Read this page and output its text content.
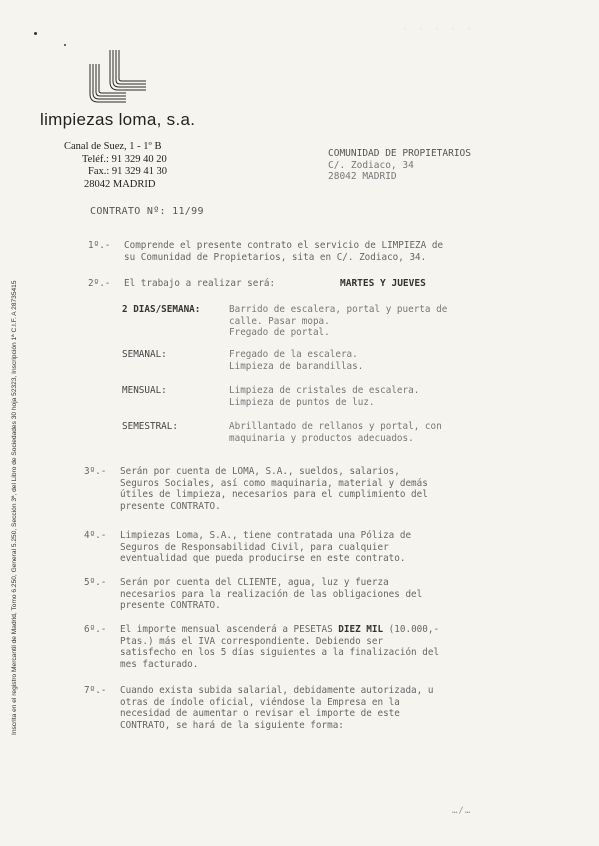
· · · · ·
limpiezas loma, s.a.
Canal de Suez, 1 - 1º B
Teléf.: 91 329 40 20
Fax.: 91 329 41 30
28042 MADRID
COMUNIDAD DE PROPIETARIOS
C/. Zodiaco, 34
28042 MADRID
CONTRATO Nº: 11/99
1º.- Comprende el presente contrato el servicio de LIMPIEZA de
su Comunidad de Propietarios, sita en C/. Zodiaco, 34.
2º.- El trabajo a realizar será:	MARTES Y JUEVES
2 DIAS/SEMANA:	Barrido de escalera, portal y puerta de
calle. Pasar mopa.
Fregado de portal.
SEMANAL:	Fregado de la escalera.
Limpieza de barandillas.
MENSUAL:	Limpieza de cristales de escalera.
Limpieza de puntos de luz.
SEMESTRAL:	Abrillantado de rellanos y portal, con
maquinaria y productos adecuados.
3º.- Serán por cuenta de LOMA, S.A., sueldos, salarios,
Seguros Sociales, así como maquinaria, material y demás
útiles de limpieza, necesarios para el cumplimiento del
presente CONTRATO.
4º.- Limpiezas Loma, S.A., tiene contratada una Póliza de
Seguros de Responsabilidad Civil, para cualquier
eventualidad que pueda producirse en este contrato.
5º.- Serán por cuenta del CLIENTE, agua, luz y fuerza
necesarios para la realización de las obligaciones del
presente CONTRATO.
6º.- El importe mensual ascenderá a PESETAS DIEZ MIL (10.000,-
Ptas.) más el IVA correspondiente. Debiendo ser
satisfecho en los 5 días siguientes a la finalización del
mes facturado.
7º.- Cuando exista subida salarial, debidamente autorizada, u
otras de índole oficial, viéndose la Empresa en la
necesidad de aumentar o revisar el importe de este
CONTRATO, se hará de la siguiente forma:
Inscrita en el registro Mercantil de Madrid, Tomo 6.250, General 5.250, Sección 3ª, del Libro de Sociedades 30 hoja 52323, Inscripción 1ª C.I.F. A 28735415
…/…
